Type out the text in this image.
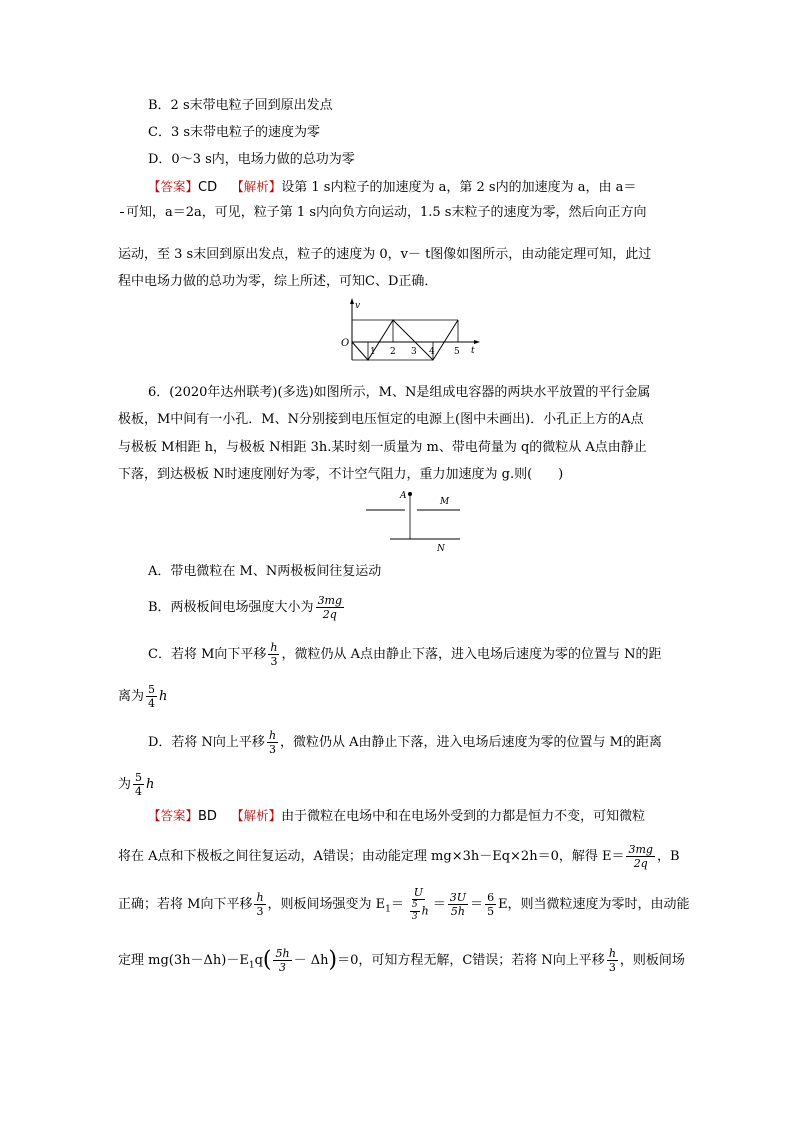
B．2 s末带电粒子回到原出发点
C．3 s末带电粒子的速度为零
D．0～3 s内，电场力做的总功为零
【答案】CD 【解析】设第 1 s内粒子的加速度为 a，第 2 s内的加速度为 a，由 a＝
可知，a＝2a，可见，粒子第 1 s内向负方向运动，1.5 s末粒子的速度为零，然后向正方向
运动，至 3 s末回到原出发点，粒子的速度为 0，v－ t图像如图所示，由动能定理可知，此过
程中电场力做的总功为零，综上所述，可知C、D正确．
v
O
t
1 2 3 4 5
6．(2020年达州联考)(多选)如图所示，M、N是组成电容器的两块水平放置的平行金属
极板，M中间有一小孔．M、N分别接到电压恒定的电源上(图中未画出)．小孔正上方的A点
与极板 M相距 h，与极板 N相距 3h.某时刻一质量为 m、带电荷量为 q的微粒从 A点由静止
下落，到达极板 N时速度刚好为零，不计空气阻力，重力加速度为 g.则(　　)
A
M
N
A．带电微粒在 M、N两极板间往复运动
B．两极板间电场强度大小为 $\frac{3mg}{2q}$
C．若将 M向下平移 $\frac{h}{3}$ ，微粒仍从 A点由静止下落，进入电场后速度为零的位置与 N的距
离为 $\frac{5}{4}$ h
D．若将 N向上平移 $\frac{h}{3}$ ，微粒仍从 A由静止下落，进入电场后速度为零的位置与 M的距离
为 $\frac{5}{4}$ h
【答案】BD 【解析】由于微粒在电场中和在电场外受到的力都是恒力不变，可知微粒
将在 A点和下极板之间往复运动，A错误；由动能定理 mg×3h－Eq×2h＝0，解得 $E= \frac{3mg}{2q}$ ，B
正确；若将 M向下平移 $\frac{h}{3}$ ，则板间场强变为 $E_1= \frac{U}{\frac{5}{3} h} = \frac{3U}{5h} = \frac{6}{5}$ E，则当微粒速度为零时，由动能
定理 $mg(3h-\Delta h)-E_1q( \frac{5h}{3} - \Delta h)=0$，可知方程无解，C错误；若将 N向上平移 $\frac{h}{3}$ ，则板间场
